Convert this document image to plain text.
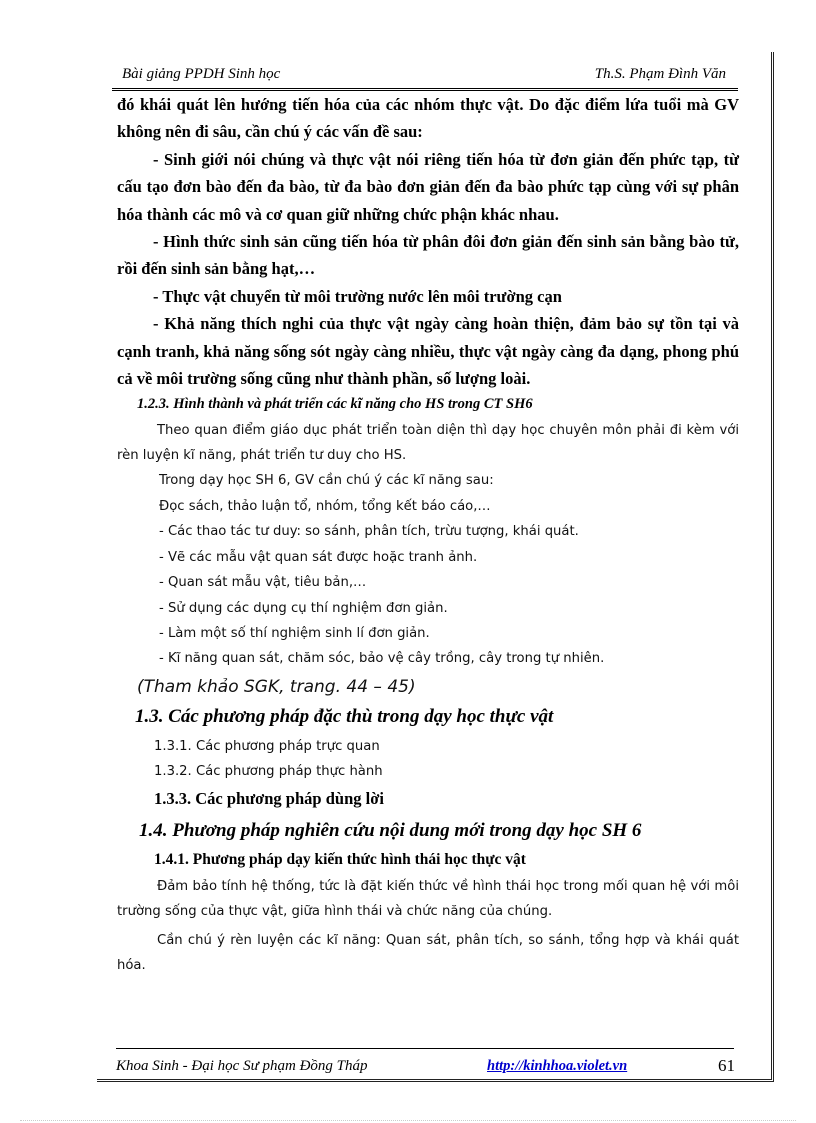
Bài giảng PPDH Sinh học	Th.S. Phạm Đình Văn

đó khái quát lên hướng tiến hóa của các nhóm thực vật. Do đặc điểm lứa tuổi mà GV không nên đi sâu, cần chú ý các vấn đề sau:

- Sinh giới nói chúng và thực vật nói riêng tiến hóa từ đơn giản đến phức tạp, từ cấu tạo đơn bào đến đa bào, từ đa bào đơn giản đến đa bào phức tạp cùng với sự phân hóa thành các mô và cơ quan giữ những chức phận khác nhau.

- Hình thức sinh sản cũng tiến hóa từ phân đôi đơn giản đến sinh sản bằng bào tử, rồi đến sinh sản bằng hạt,…

- Thực vật chuyển từ môi trường nước lên môi trường cạn

- Khả năng thích nghi của thực vật ngày càng hoàn thiện, đảm bảo sự tồn tại và cạnh tranh, khả năng sống sót ngày càng nhiều, thực vật ngày càng đa dạng, phong phú cả về môi trường sống cũng như thành phần, số lượng loài.

1.2.3. Hình thành và phát triển các kĩ năng cho HS trong CT SH6

Theo quan điểm giáo dục phát triển toàn diện thì dạy học chuyên môn phải đi kèm với rèn luyện kĩ năng, phát triển tư duy cho HS.

Trong dạy học SH 6, GV cần chú ý các kĩ năng sau:

Đọc sách, thảo luận tổ, nhóm, tổng kết báo cáo,…

- Các thao tác tư duy: so sánh, phân tích, trừu tượng, khái quát.

- Vẽ các mẫu vật quan sát được hoặc tranh ảnh.

- Quan sát mẫu vật, tiêu bản,…

- Sử dụng các dụng cụ thí nghiệm đơn giản.

- Làm một số thí nghiệm sinh lí đơn giản.

- Kĩ năng quan sát, chăm sóc, bảo vệ cây trồng, cây trong tự nhiên.

(Tham khảo SGK, trang. 44 – 45)

1.3. Các phương pháp đặc thù trong dạy học thực vật

1.3.1. Các phương pháp trực quan

1.3.2. Các phương pháp thực hành

1.3.3. Các phương pháp dùng lời

1.4. Phương pháp nghiên cứu nội dung mới trong dạy học SH 6

1.4.1. Phương pháp dạy kiến thức hình thái học thực vật

Đảm bảo tính hệ thống, tức là đặt kiến thức về hình thái học trong mối quan hệ với môi trường sống của thực vật, giữa hình thái và chức năng của chúng.

Cần chú ý rèn luyện các kĩ năng: Quan sát, phân tích, so sánh, tổng hợp và khái quát hóa.

Khoa Sinh - Đại học Sư phạm Đồng Tháp	http://kinhhoa.violet.vn	61
